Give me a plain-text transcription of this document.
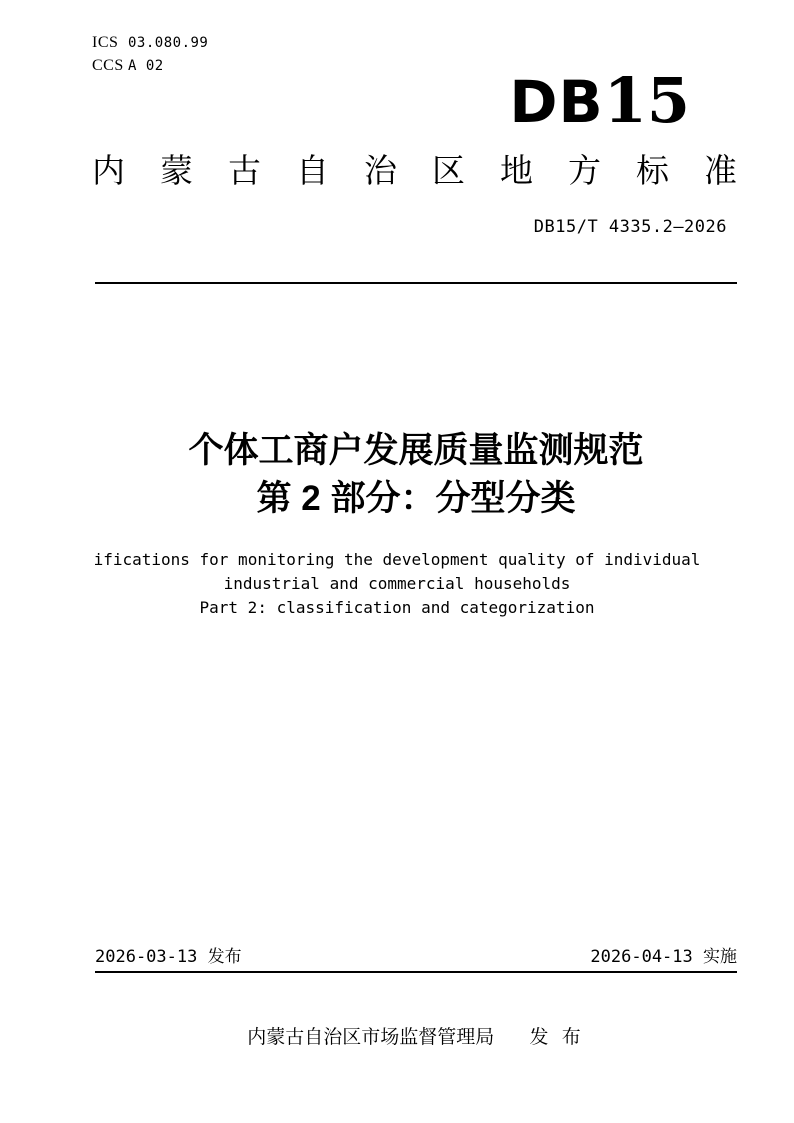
ICS 03.080.99
CCS A 02
DB 15
内蒙古自治区地方标准
DB15/T 4335.2—2026
个体工商户发展质量监测规范
第 2 部分：分型分类
ifications for monitoring the development quality of individual
industrial and commercial households
Part 2: classification and categorization
2026-03-13 发布	2026-04-13 实施
内蒙古自治区市场监督管理局 发 布
